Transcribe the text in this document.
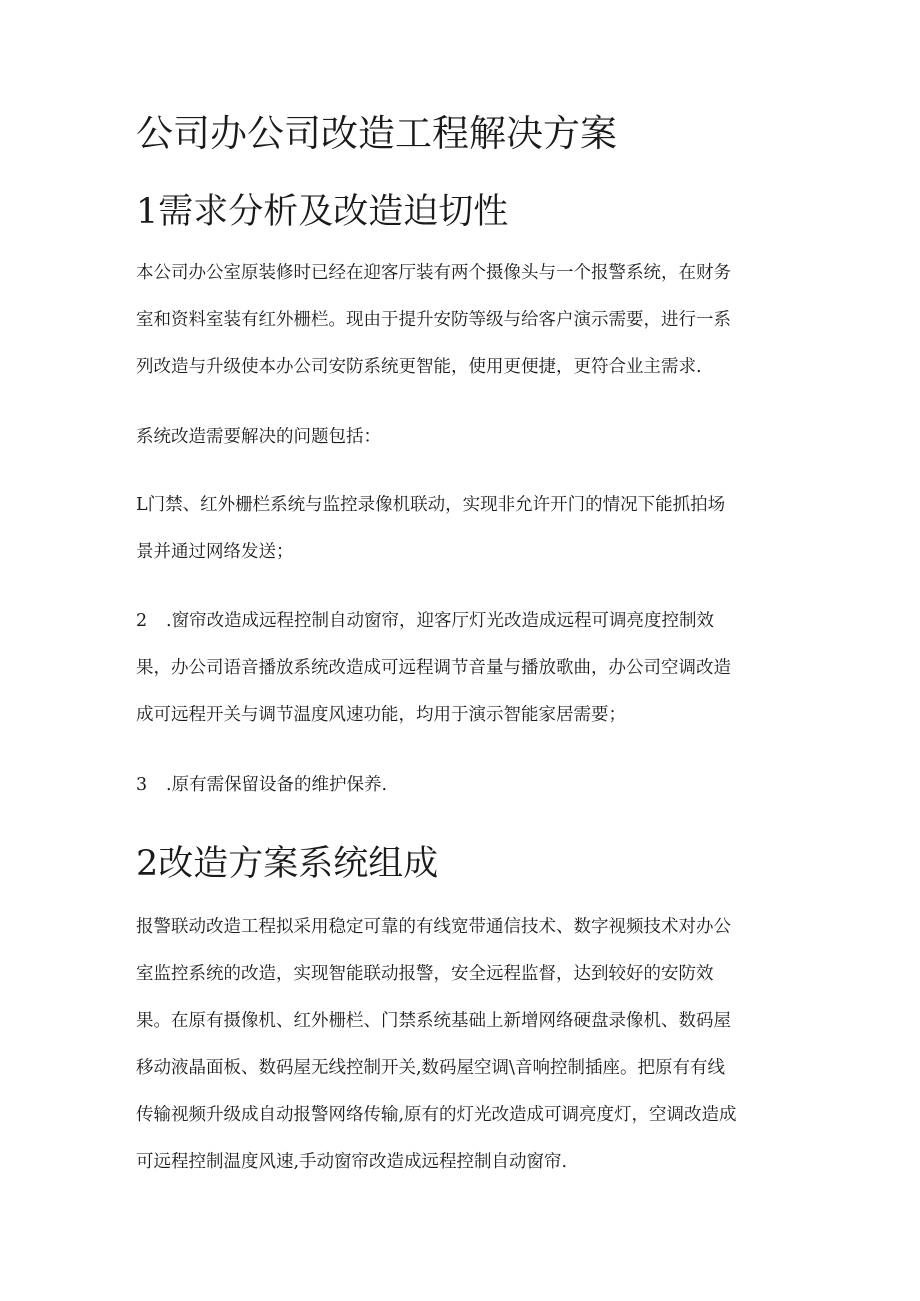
公司办公司改造工程解决方案
1需求分析及改造迫切性
本公司办公室原装修时已经在迎客厅装有两个摄像头与一个报警系统，在财务
室和资料室装有红外栅栏。现由于提升安防等级与给客户演示需要，进行一系
列改造与升级使本办公司安防系统更智能，使用更便捷，更符合业主需求.
系统改造需要解决的问题包括：
L门禁、红外栅栏系统与监控录像机联动，实现非允许开门的情况下能抓拍场
景并通过网络发送；
2 .窗帘改造成远程控制自动窗帘，迎客厅灯光改造成远程可调亮度控制效
果，办公司语音播放系统改造成可远程调节音量与播放歌曲，办公司空调改造
成可远程开关与调节温度风速功能，均用于演示智能家居需要；
3 .原有需保留设备的维护保养.
2改造方案系统组成
报警联动改造工程拟采用稳定可靠的有线宽带通信技术、数字视频技术对办公
室监控系统的改造，实现智能联动报警，安全远程监督，达到较好的安防效
果。在原有摄像机、红外栅栏、门禁系统基础上新增网络硬盘录像机、数码屋
移动液晶面板、数码屋无线控制开关,数码屋空调\音响控制插座。把原有有线
传输视频升级成自动报警网络传输,原有的灯光改造成可调亮度灯，空调改造成
可远程控制温度风速,手动窗帘改造成远程控制自动窗帘.
